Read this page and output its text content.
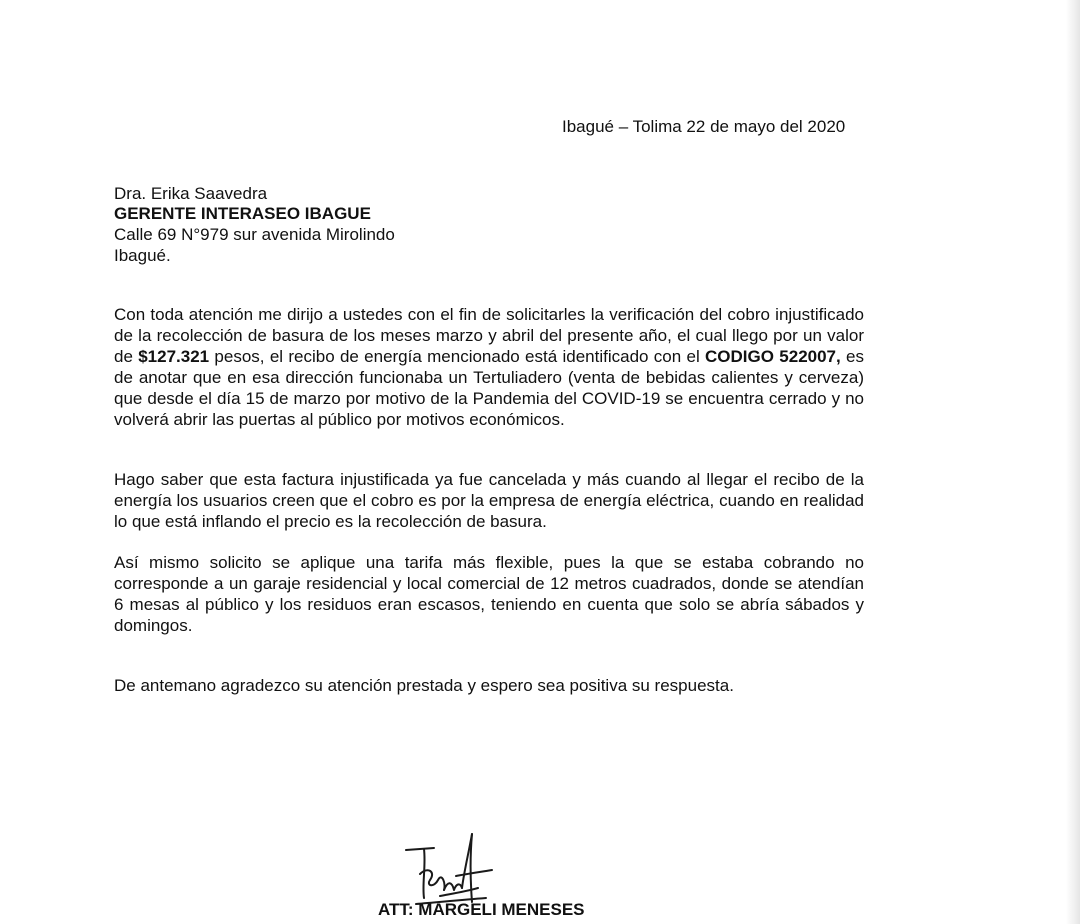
Ibagué – Tolima 22 de mayo del 2020
Dra. Erika Saavedra
GERENTE INTERASEO IBAGUE
Calle 69 N°979 sur avenida Mirolindo
Ibagué.
Con toda atención me dirijo a ustedes con el fin de solicitarles la verificación del cobro injustificado de la recolección de basura de los meses marzo y abril del presente año, el cual llego por un valor de $127.321 pesos, el recibo de energía mencionado está identificado con el CODIGO 522007, es de anotar que en esa dirección funcionaba un Tertuliadero (venta de bebidas calientes y cerveza) que desde el día 15 de marzo por motivo de la Pandemia del COVID-19 se encuentra cerrado y no volverá abrir las puertas al público por motivos económicos.
Hago saber que esta factura injustificada ya fue cancelada y más cuando al llegar el recibo de la energía los usuarios creen que el cobro es por la empresa de energía eléctrica, cuando en realidad lo que está inflando el precio es la recolección de basura.
Así mismo solicito se aplique una tarifa más flexible, pues la que se estaba cobrando no corresponde a un garaje residencial y local comercial de 12 metros cuadrados, donde se atendían 6 mesas al público y los residuos eran escasos, teniendo en cuenta que solo se abría sábados y domingos.
De antemano agradezco su atención prestada y espero sea positiva su respuesta.
ATT: MARGELI MENESES
